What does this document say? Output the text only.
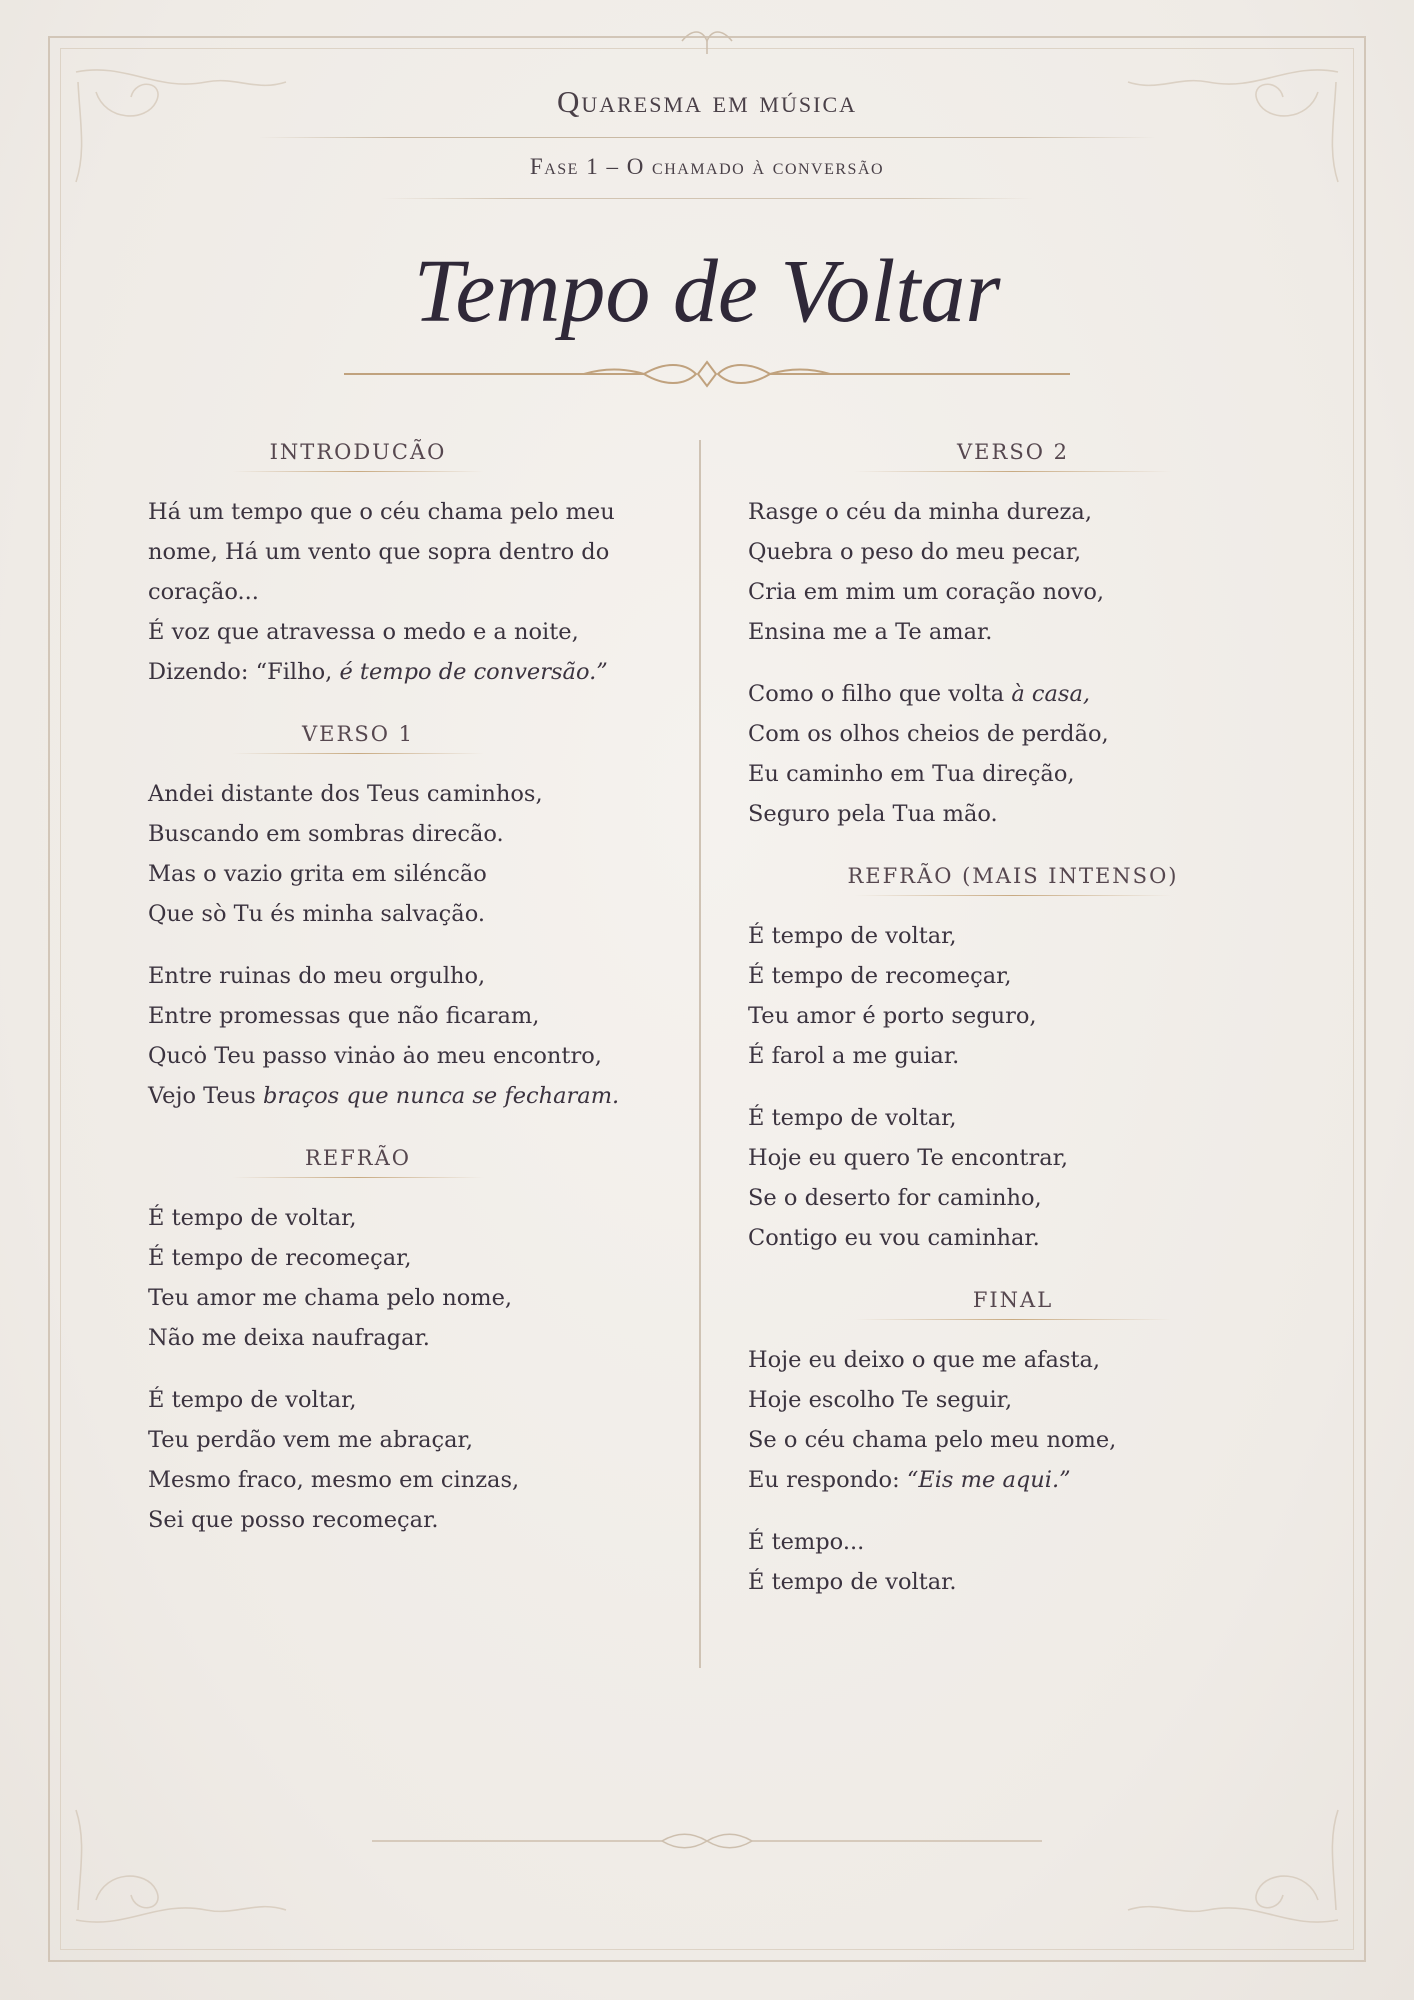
Quaresma em música
Fase 1 – O chamado à conversão
Tempo de Voltar
INTRODUCÃO
Há um tempo que o céu chama pelo meu nome, Há um vento que sopra dentro do coração...
É voz que atravessa o medo e a noite,
Dizendo: “Filho, é tempo de conversão.”
VERSO 1
Andei distante dos Teus caminhos,
Buscando em sombras direcão.
Mas o vazio grita em siléncão
Que sò Tu és minha salvação.
Entre ruinas do meu orgulho,
Entre promessas que não ficaram,
Qucȯ Teu passo vinȧo ȧo meu encontro,
Vejo Teus braços que nunca se fecharam.
REFRÃO
É tempo de voltar,
É tempo de recomeçar,
Teu amor me chama pelo nome,
Não me deixa naufragar.
É tempo de voltar,
Teu perdão vem me abraçar,
Mesmo fraco, mesmo em cinzas,
Sei que posso recomeçar.
VERSO 2
Rasge o céu da minha dureza,
Quebra o peso do meu pecar,
Cria em mim um coração novo,
Ensina me a Te amar.
Como o filho que volta à casa,
Com os olhos cheios de perdão,
Eu caminho em Tua direção,
Seguro pela Tua mão.
REFRÃO (MAIS INTENSO)
É tempo de voltar,
É tempo de recomeçar,
Teu amor é porto seguro,
É farol a me guiar.
É tempo de voltar,
Hoje eu quero Te encontrar,
Se o deserto for caminho,
Contigo eu vou caminhar.
FINAL
Hoje eu deixo o que me afasta,
Hoje escolho Te seguir,
Se o céu chama pelo meu nome,
Eu respondo: “Eis me aqui.”
É tempo...
É tempo de voltar.
